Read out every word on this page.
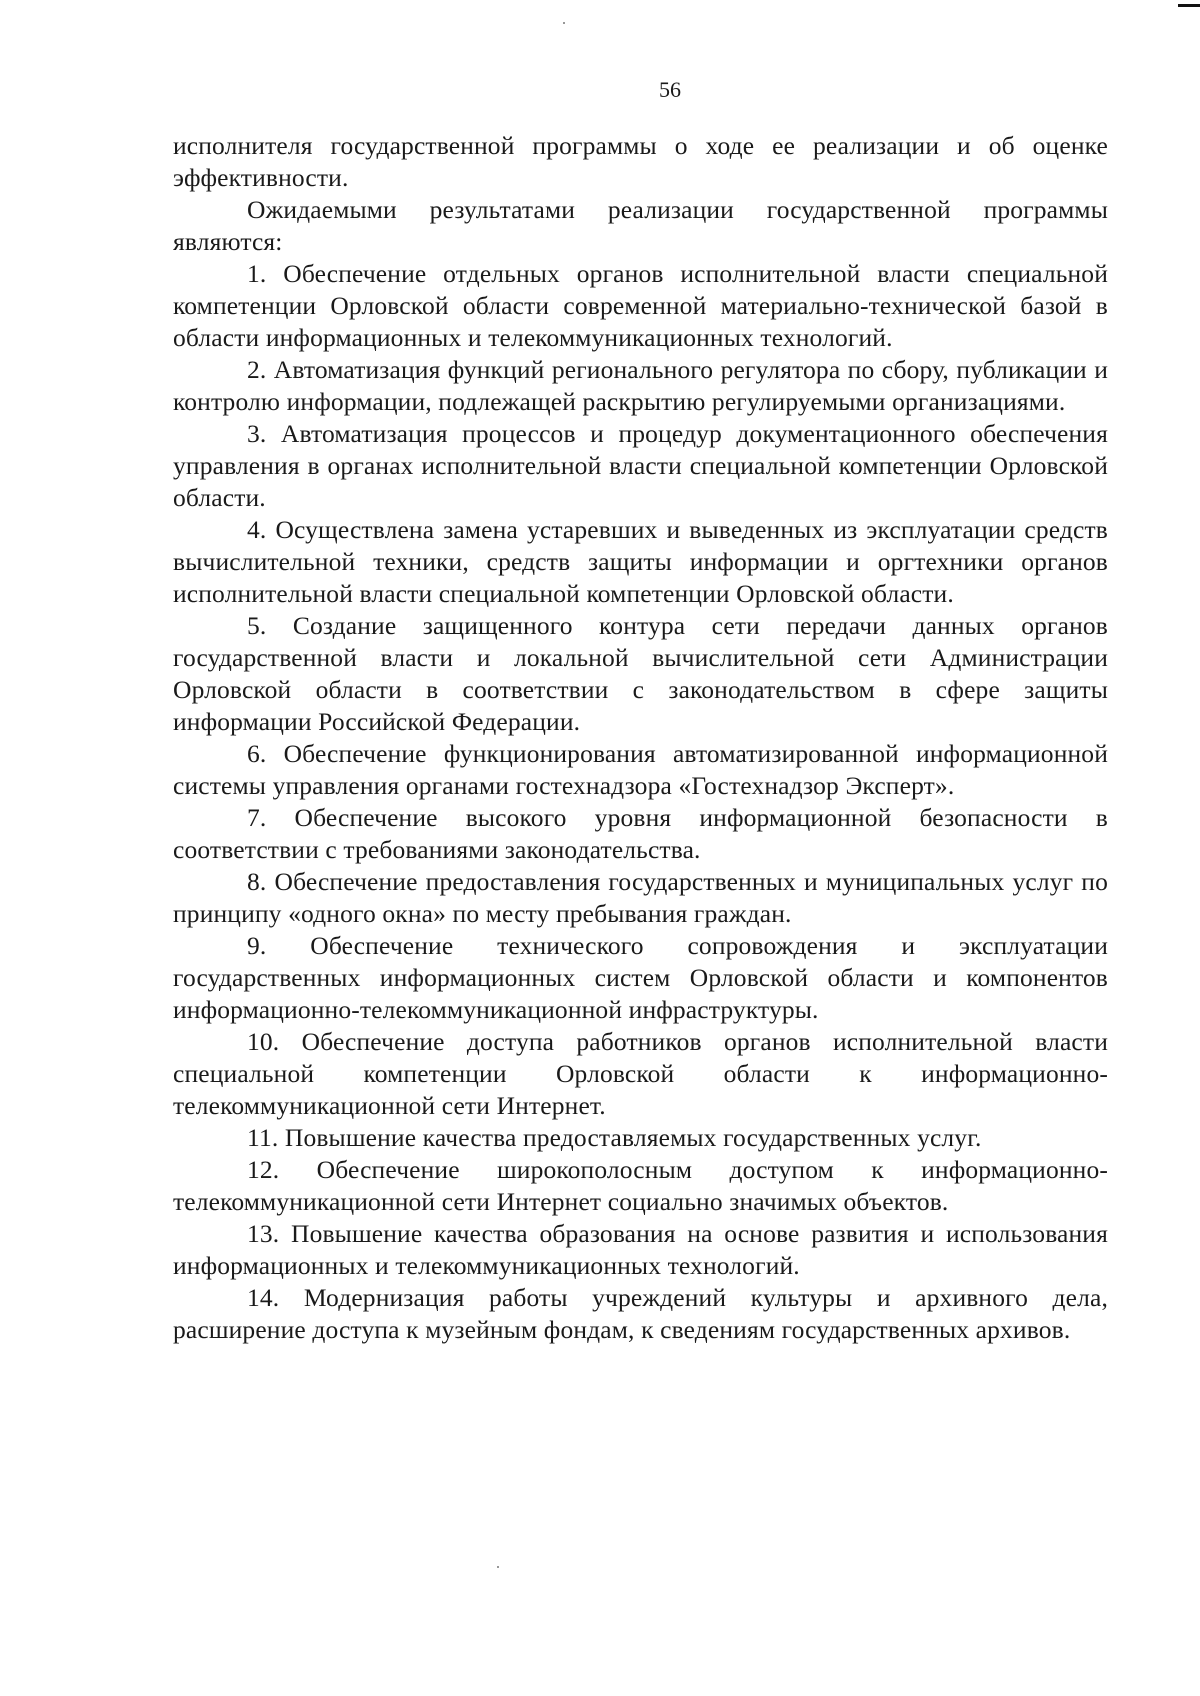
56

исполнителя государственной программы о ходе ее реализации и об оценке эффективности.

Ожидаемыми результатами реализации государственной программы являются:

1. Обеспечение отдельных органов исполнительной власти специальной компетенции Орловской области современной материально-технической базой в области информационных и телекоммуникационных технологий.

2. Автоматизация функций регионального регулятора по сбору, публикации и контролю информации, подлежащей раскрытию регулируемыми организациями.

3. Автоматизация процессов и процедур документационного обеспечения управления в органах исполнительной власти специальной компетенции Орловской области.

4. Осуществлена замена устаревших и выведенных из эксплуатации средств вычислительной техники, средств защиты информации и оргтехники органов исполнительной власти специальной компетенции Орловской области.

5. Создание защищенного контура сети передачи данных органов государственной власти и локальной вычислительной сети Администрации Орловской области в соответствии с законодательством в сфере защиты информации Российской Федерации.

6. Обеспечение функционирования автоматизированной информационной системы управления органами гостехнадзора «Гостехнадзор Эксперт».

7. Обеспечение высокого уровня информационной безопасности в соответствии с требованиями законодательства.

8. Обеспечение предоставления государственных и муниципальных услуг по принципу «одного окна» по месту пребывания граждан.

9. Обеспечение технического сопровождения и эксплуатации государственных информационных систем Орловской области и компонентов информационно-телекоммуникационной инфраструктуры.

10. Обеспечение доступа работников органов исполнительной власти специальной компетенции Орловской области к информационно-телекоммуникационной сети Интернет.

11. Повышение качества предоставляемых государственных услуг.

12. Обеспечение широкополосным доступом к информационно-телекоммуникационной сети Интернет социально значимых объектов.

13. Повышение качества образования на основе развития и использования информационных и телекоммуникационных технологий.

14. Модернизация работы учреждений культуры и архивного дела, расширение доступа к музейным фондам, к сведениям государственных архивов.
